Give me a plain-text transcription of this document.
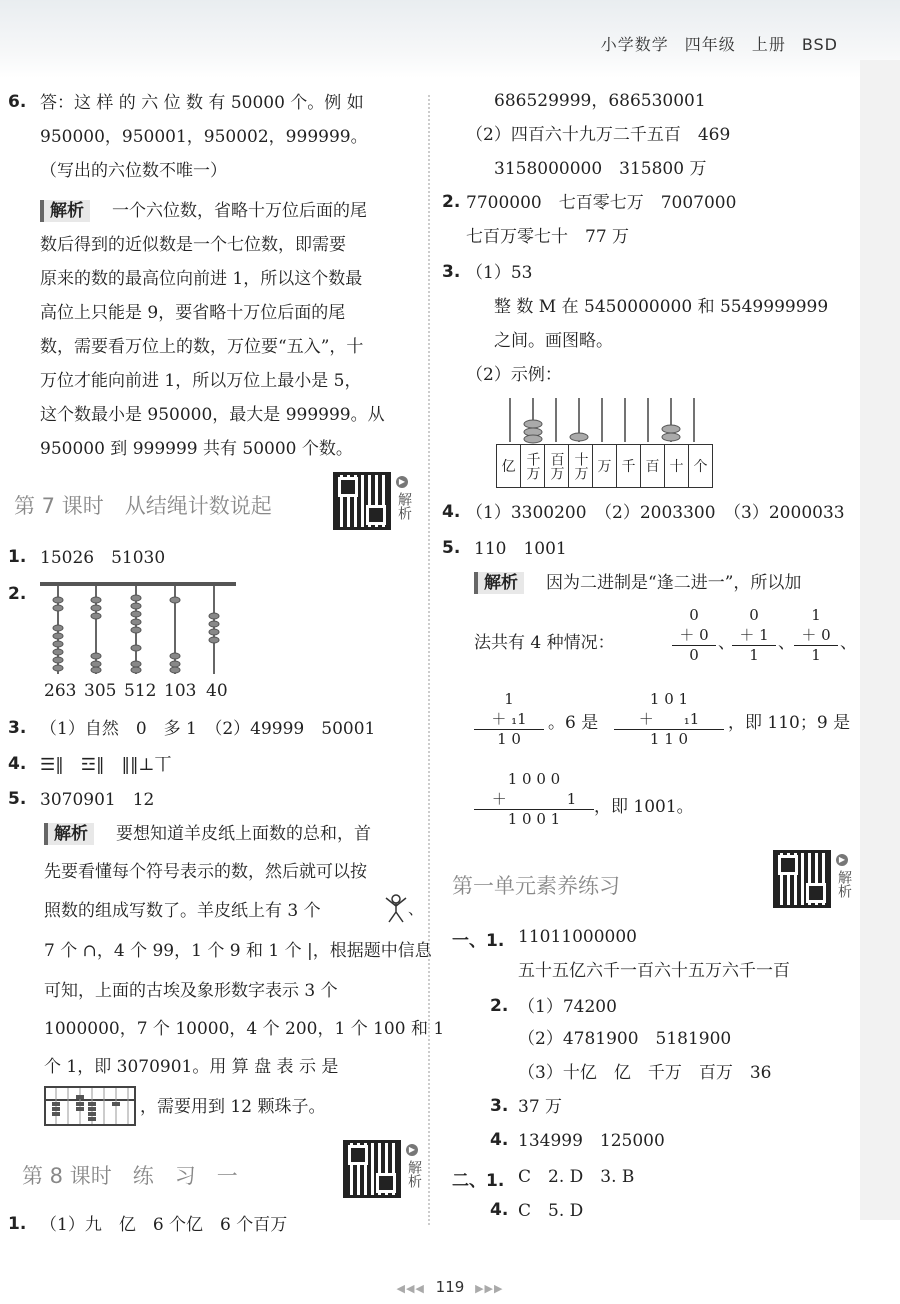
小学数学 四年级 上册 BSD
6. 答：这 样 的 六 位 数 有 50000 个。例 如
950000，950001，950002，999999。
（写出的六位数不唯一）
解析	一个六位数，省略十万位后面的尾
数后得到的近似数是一个七位数，即需要
原来的数的最高位向前进 1，所以这个数最
高位上只能是 9，要省略十万位后面的尾
数，需要看万位上的数，万位要“五入”，十
万位才能向前进 1，所以万位上最小是 5，
这个数最小是 950000，最大是 999999。从
950000 到 999999 共有 50000 个数。
第 7 课时　从结绳计数说起
▶
解析
1. 15026　51030
2.
263 305 512 103 40
3. （1）自然　0　多 1　（2）49999　50001
4. ☰‖　☲‖　‖‖⊥丅
5. 3070901　12
解析	要想知道羊皮纸上面数的总和，首
先要看懂每个符号表示的数，然后就可以按
照数的组成写数了。羊皮纸上有 3 个	、
7 个 ∩，4 个 99，1 个 9 和 1 个 |，根据题中信息
可知，上面的古埃及象形数字表示 3 个
1000000，7 个 10000，4 个 200，1 个 100 和 1
个 1，即 3070901。用 算 盘 表 示 是
，需要用到 12 颗珠子。
第 8 课时　练　习　一
▶
解析
1. （1）九　亿　6 个亿　6 个百万
686529999，686530001
（2）四百六十九万二千五百　469
3158000000　315800 万
2. 7700000　七百零七万　7007000
七百万零七十　77 万
3. （1）53
整 数 M 在 5450000000 和 5549999999
之间。画图略。
（2）示例：
亿	千万	百万	十万	万	千	百	十	个
4. （1）3300200　（2）2003300　（3）2000033
5. 110　1001
解析	因为二进制是“逢二进一”，所以加
法共有 4 种情况：
0
＋ 0
0
、
0
＋ 1
1
、
1
＋ 0
1
、
1
＋ ₁1
1 0
。6 是
1 0 1
＋　　₁1
1 1 0
，即 110；9 是
1 0 0 0
＋　　　　1
1 0 0 1
，即 1001。
第一单元素养练习
▶
解析
一、1. 11011000000
五十五亿六千一百六十五万六千一百
2. （1）74200
（2）4781900　5181900
（3）十亿　亿　千万　百万　36
3. 37 万
4. 134999　125000
二、1. C　2. D　3. B
4. C　5. D
◀◀◀ 119 ▶▶▶
